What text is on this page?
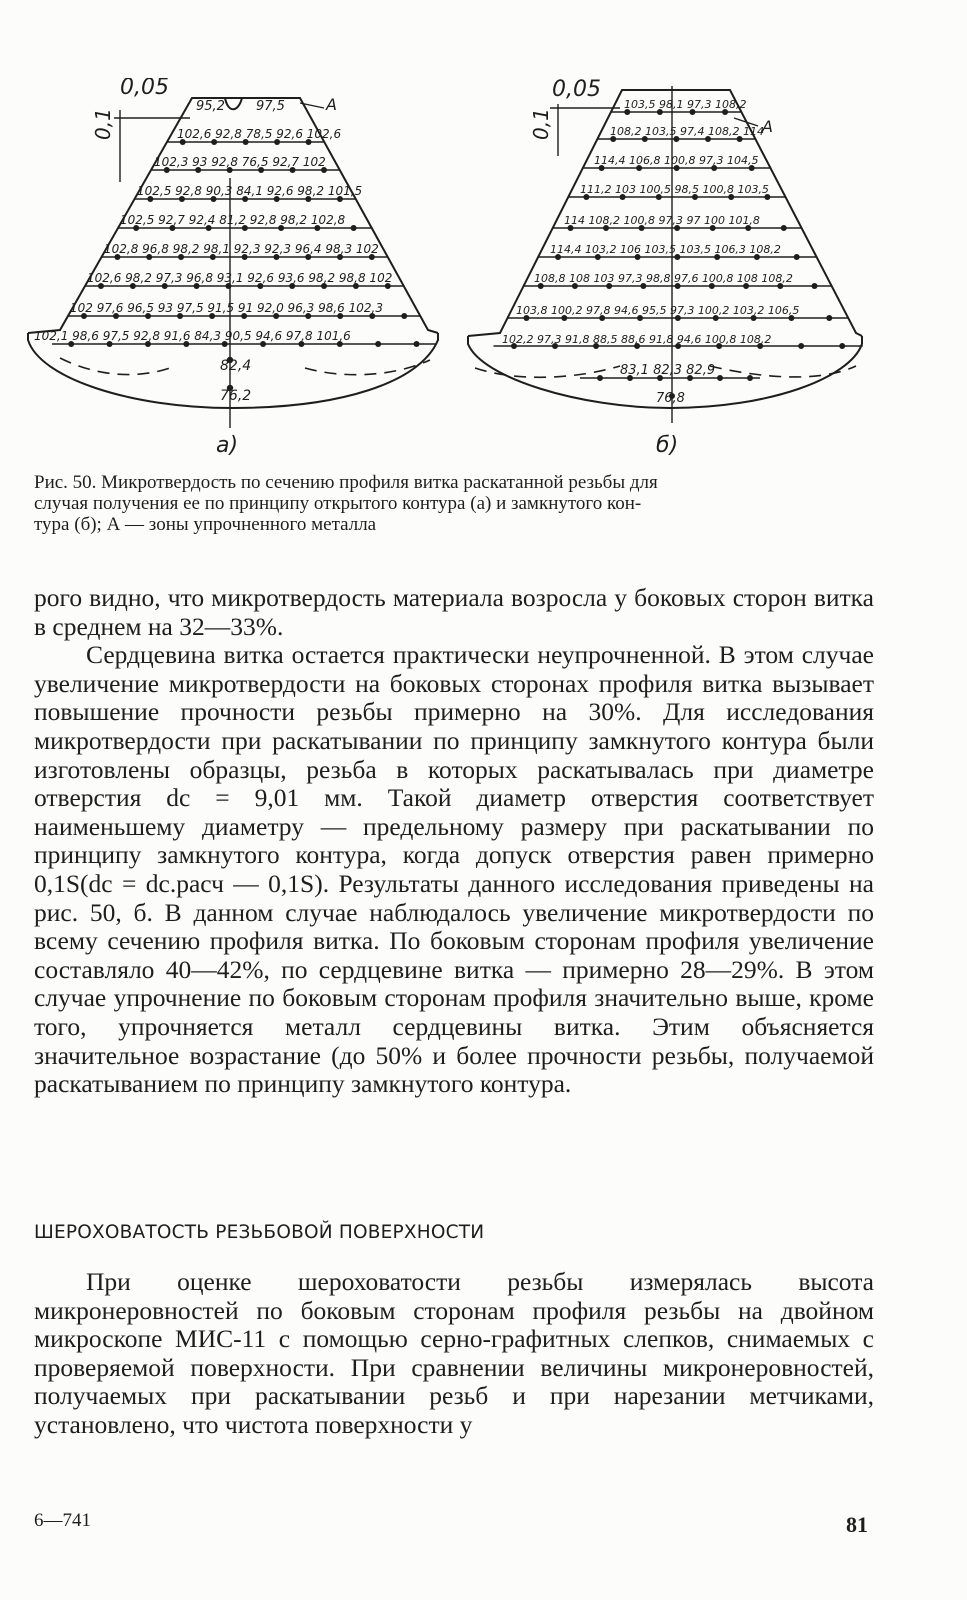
0,05
0,1
95,2 97,5	А
102,6 92,8 78,5 92,6 102,6
102,3 93 92,8 76,5 92,7 102
102,5 92,8 90,3 84,1 92,6 98,2 101,5
102,5 92,7 92,4 81,2 92,8 98,2 102,8
102,8 96,8 98,2 98,1 92,3 92,3 96,4 98,3 102
102,6 98,2 97,3 96,8 93,1 92,6 93,6 98,2 98,8 102
102 97,6 96,5 93 97,5 91,5 91 92,0 96,3 98,6 102,3
102,1 98,6 97,5 92,8 91,6 84,3 90,5 94,6 97,8 101,6
82,4
76,2
а)
0,05
0,1	А
103,5 98,1 97,3 108,2
108,2 103,5 97,4 108,2 114
114,4 106,8 100,8 97,3 104,5
111,2 103 100,5 98,5 100,8 103,5
114 108,2 100,8 97,3 97 100 101,8
114,4 103,2 106 103,5 103,5 106,3 108,2
108,8 108 103 97,3 98,8 97,6 100,8 108 108,2
103,8 100,2 97,8 94,6 95,5 97,3 100,2 103,2 106,5
102,2 97,3 91,8 88,5 88,6 91,8 94,6 100,8 108,2
83,1 82,3 82,9
76,8
б)
Рис. 50. Микротвердость по сечению профиля витка раскатанной резьбы для
случая получения ее по принципу открытого контура (а) и замкнутого кон-
тура (б); А — зоны упрочненного металла

рого видно, что микротвердость материала возросла у боковых сторон витка в среднем на 32—33%.

Сердцевина витка остается практически неупрочненной. В этом случае увеличение микротвердости на боковых сторонах профиля витка вызывает повышение прочности резьбы примерно на 30%. Для исследования микротвердости при раскатывании по принципу замкнутого контура были изготовлены образцы, резьба в которых раскатывалась при диаметре отверстия dс = 9,01 мм. Такой диаметр отверстия соответствует наименьшему диаметру — предельному размеру при раскатывании по принципу замкнутого контура, когда допуск отверстия равен примерно 0,1S(dс = dс.расч — 0,1S). Результаты данного исследования приведены на рис. 50, б. В данном случае наблюдалось увеличение микротвердости по всему сечению профиля витка. По боковым сторонам профиля увеличение составляло 40—42%, по сердцевине витка — примерно 28—29%. В этом случае упрочнение по боковым сторонам профиля значительно выше, кроме того, упрочняется металл сердцевины витка. Этим объясняется значительное возрастание (до 50% и более прочности резьбы, получаемой раскатыванием по принципу замкнутого контура.

ШЕРОХОВАТОСТЬ РЕЗЬБОВОЙ ПОВЕРХНОСТИ

При оценке шероховатости резьбы измерялась высота микронеровностей по боковым сторонам профиля резьбы на двойном микроскопе МИС-11 с помощью серно-графитных слепков, снимаемых с проверяемой поверхности. При сравнении величины микронеровностей, получаемых при раскатывании резьб и при нарезании метчиками, установлено, что чистота поверхности у

6—741	81
